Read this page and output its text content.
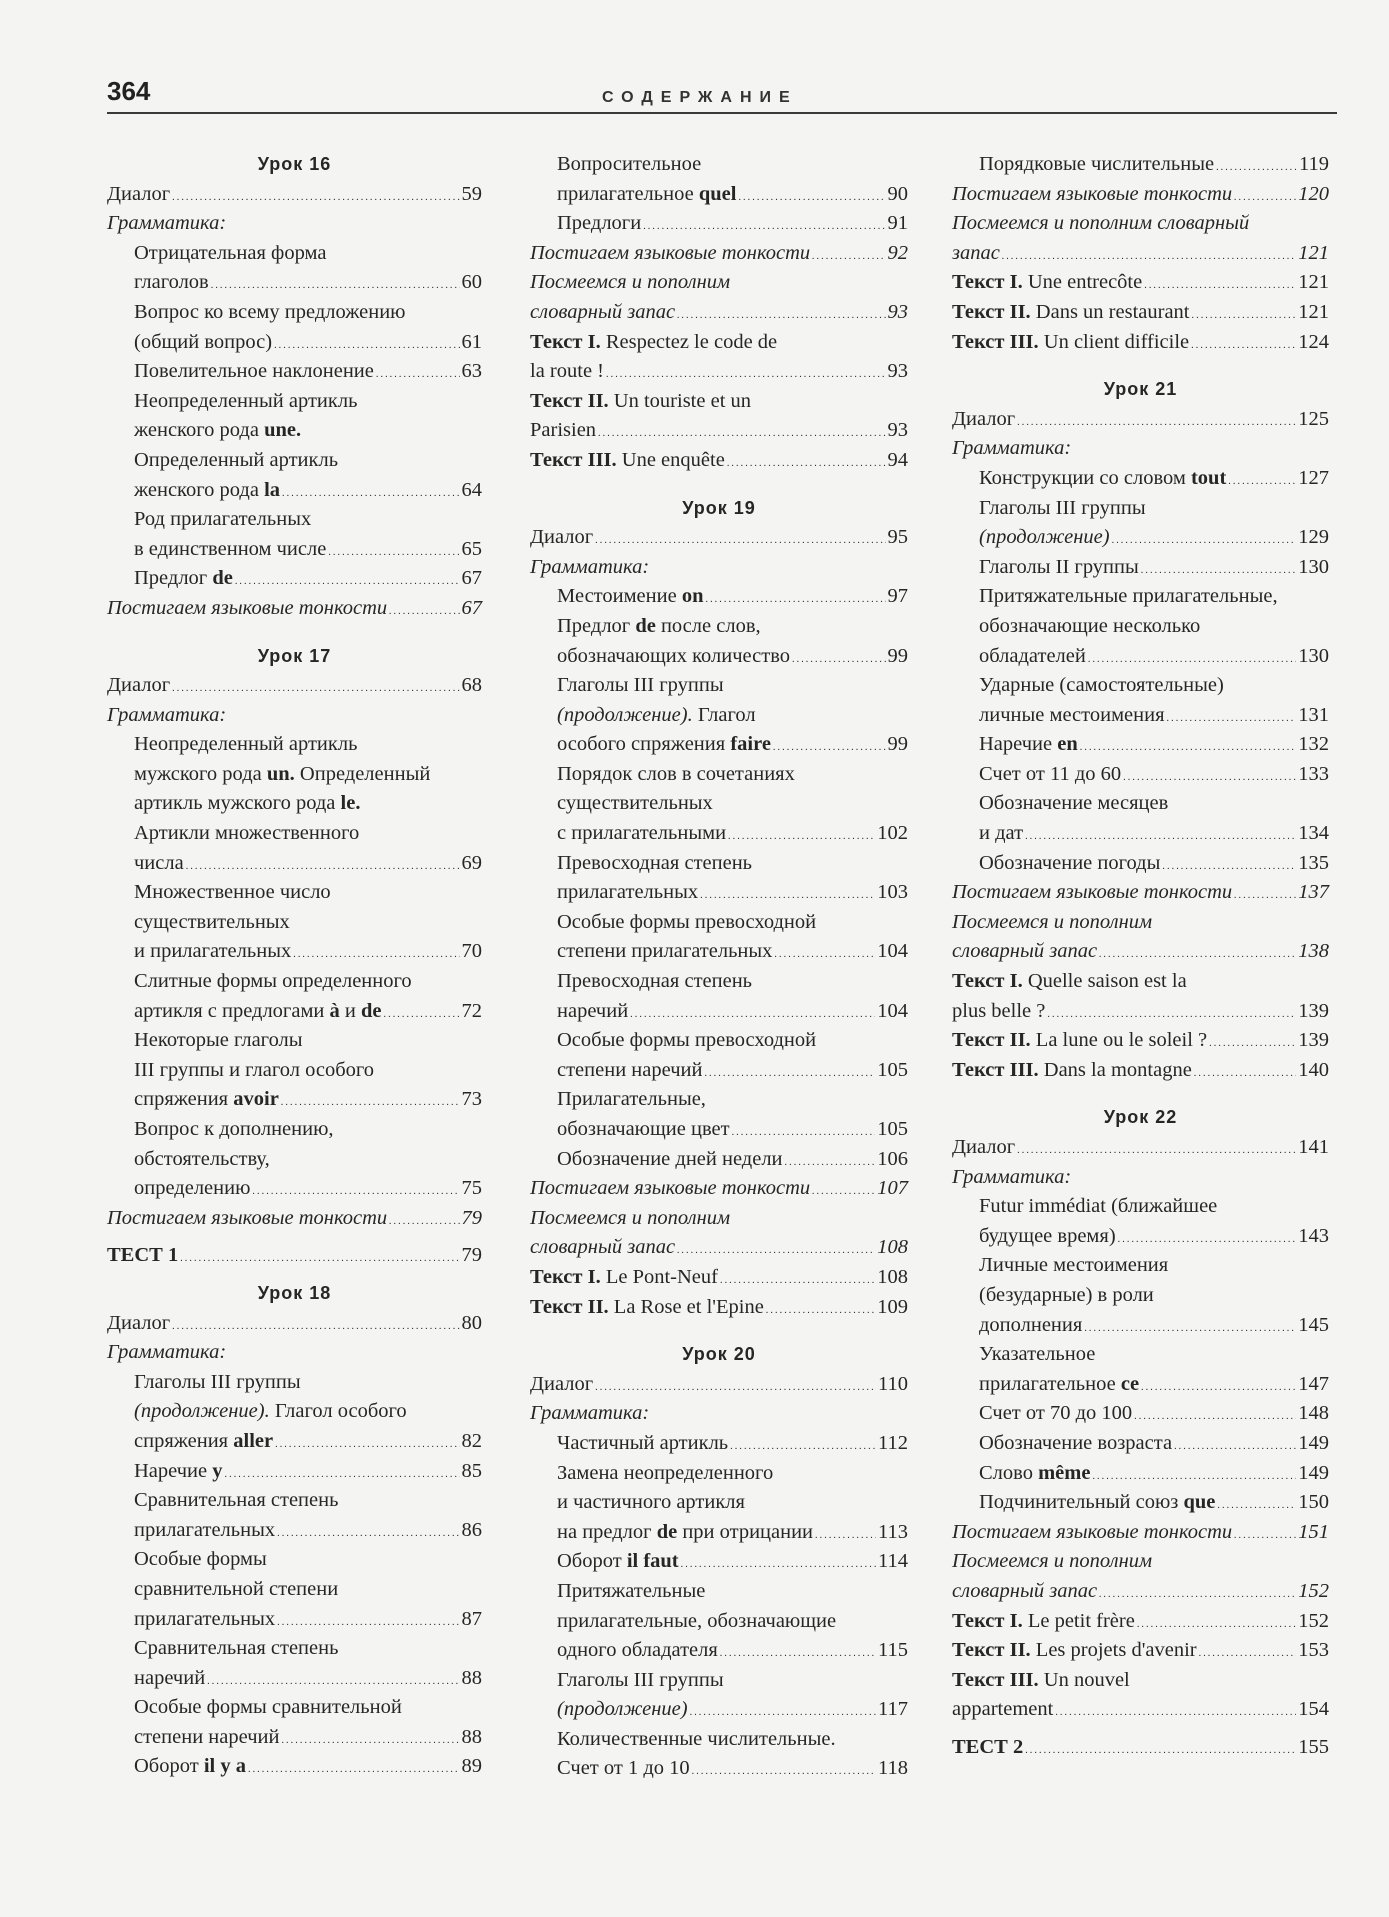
364	СОДЕРЖАНИЕ
Урок 16
Диалог . . .	59
Грамматика:
Отрицательная форма
глаголов . . .	60
Вопрос ко всему предложению
(общий вопрос) . . .	61
Повелительное наклонение . . .	63
Неопределенный артикль
женского рода une.
Определенный артикль
женского рода la . . .	64
Род прилагательных
в единственном числе . . .	65
Предлог de . . .	67
Постигаем языковые тонкости . . .	67
Урок 17
Диалог . . .	68
Грамматика:
Неопределенный артикль
мужского рода un. Определенный
артикль мужского рода le.
Артикли множественного
числа . . .	69
Множественное число
существительных
и прилагательных . . .	70
Слитные формы определенного
артикля с предлогами à и de . . .	72
Некоторые глаголы
III группы и глагол особого
спряжения avoir . . .	73
Вопрос к дополнению,
обстоятельству,
определению . . .	75
Постигаем языковые тонкости . . .	79
ТЕСТ 1 . . .	79
Урок 18
Диалог . . .	80
Грамматика:
Глаголы III группы
(продолжение). Глагол особого
спряжения aller . . .	82
Наречие y . . .	85
Сравнительная степень
прилагательных . . .	86
Особые формы
сравнительной степени
прилагательных . . .	87
Сравнительная степень
наречий . . .	88
Особые формы сравнительной
степени наречий . . .	88
Оборот il y a . . .	89
Вопросительное
прилагательное quel . . .	90
Предлоги . . .	91
Постигаем языковые тонкости . . .	92
Посмеемся и пополним
словарный запас . . .	93
Текст I. Respectez le code de
la route ! . . .	93
Текст II. Un touriste et un
Parisien . . .	93
Текст III. Une enquête . . .	94
Урок 19
Диалог . . .	95
Грамматика:
Местоимение on . . .	97
Предлог de после слов,
обозначающих количество . . .	99
Глаголы III группы
(продолжение). Глагол
особого спряжения faire . . .	99
Порядок слов в сочетаниях
существительных
с прилагательными . . .	102
Превосходная степень
прилагательных . . .	103
Особые формы превосходной
степени прилагательных . . .	104
Превосходная степень
наречий . . .	104
Особые формы превосходной
степени наречий . . .	105
Прилагательные,
обозначающие цвет . . .	105
Обозначение дней недели . . .	106
Постигаем языковые тонкости . . .	107
Посмеемся и пополним
словарный запас . . .	108
Текст I. Le Pont-Neuf . . .	108
Текст II. La Rose et l'Epine . . .	109
Урок 20
Диалог . . .	110
Грамматика:
Частичный артикль . . .	112
Замена неопределенного
и частичного артикля
на предлог de при отрицании . . .	113
Оборот il faut . . .	114
Притяжательные
прилагательные, обозначающие
одного обладателя . . .	115
Глаголы III группы
(продолжение) . . .	117
Количественные числительные.
Счет от 1 до 10 . . .	118
Порядковые числительные . . .	119
Постигаем языковые тонкости . . .	120
Посмеемся и пополним словарный
запас . . .	121
Текст I. Une entrecôte . . .	121
Текст II. Dans un restaurant . . .	121
Текст III. Un client difficile . . .	124
Урок 21
Диалог . . .	125
Грамматика:
Конструкции со словом tout . . .	127
Глаголы III группы
(продолжение) . . .	129
Глаголы II группы . . .	130
Притяжательные прилагательные,
обозначающие несколько
обладателей . . .	130
Ударные (самостоятельные)
личные местоимения . . .	131
Наречие en . . .	132
Счет от 11 до 60 . . .	133
Обозначение месяцев
и дат . . .	134
Обозначение погоды . . .	135
Постигаем языковые тонкости . . .	137
Посмеемся и пополним
словарный запас . . .	138
Текст I. Quelle saison est la
plus belle ? . . .	139
Текст II. La lune ou le soleil ? . . .	139
Текст III. Dans la montagne . . .	140
Урок 22
Диалог . . .	141
Грамматика:
Futur immédiat (ближайшее
будущее время) . . .	143
Личные местоимения
(безударные) в роли
дополнения . . .	145
Указательное
прилагательное ce . . .	147
Счет от 70 до 100 . . .	148
Обозначение возраста . . .	149
Слово même . . .	149
Подчинительный союз que . . .	150
Постигаем языковые тонкости . . .	151
Посмеемся и пополним
словарный запас . . .	152
Текст I. Le petit frère . . .	152
Текст II. Les projets d'avenir . . .	153
Текст III. Un nouvel
appartement . . .	154
ТЕСТ 2 . . .	155
